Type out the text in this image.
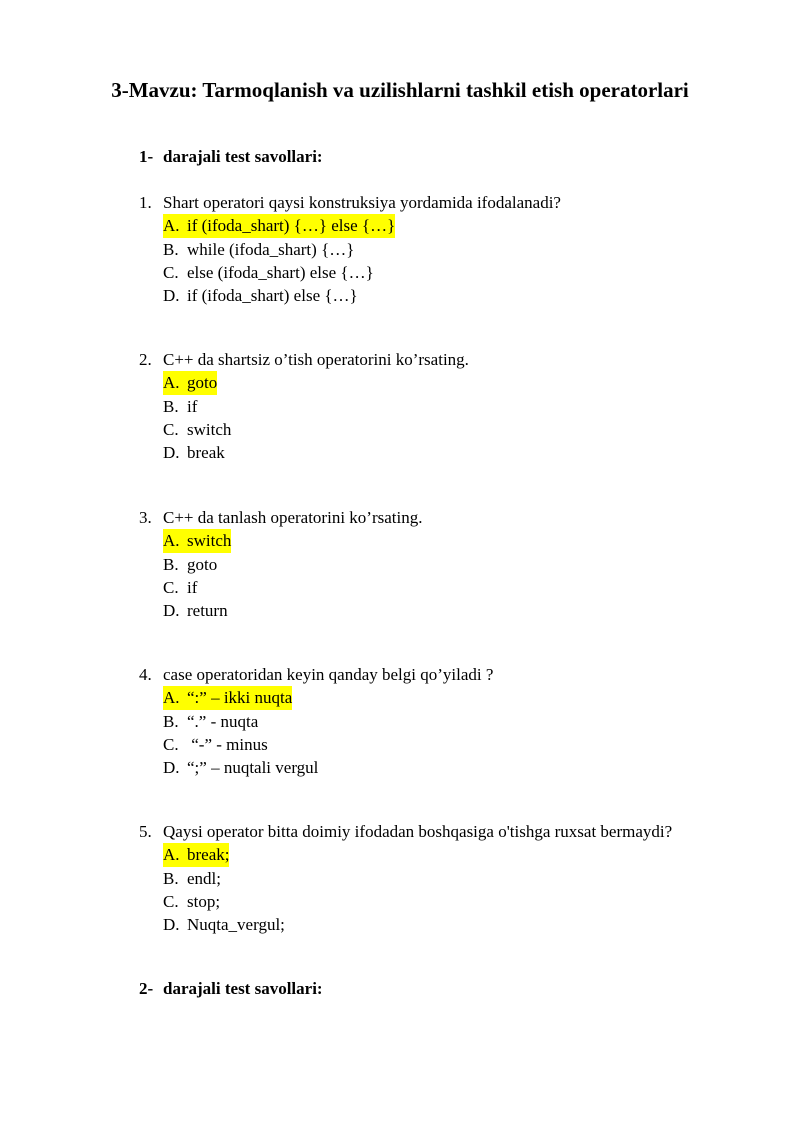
3-Mavzu: Tarmoqlanish va uzilishlarni tashkil etish operatorlari

1- darajali test savollari:

1. Shart operatori qaysi konstruksiya yordamida ifodalanadi?
A. if (ifoda_shart) {…} else {…}
B. while (ifoda_shart) {…}
C. else (ifoda_shart) else {…}
D. if (ifoda_shart) else {…}
2. C++ da shartsiz o’tish operatorini ko’rsating.
A. goto
B. if
C. switch
D. break
3. C++ da tanlash operatorini ko’rsating.
A. switch
B. goto
C. if
D. return
4. case operatoridan keyin qanday belgi qo’yiladi ?
A. “:” – ikki nuqta
B. “.” - nuqta
C. “-” - minus
D. “;” – nuqtali vergul
5. Qaysi operator bitta doimiy ifodadan boshqasiga o'tishga ruxsat bermaydi?
A. break;
B. endl;
C. stop;
D. Nuqta_vergul;

2- darajali test savollari:
